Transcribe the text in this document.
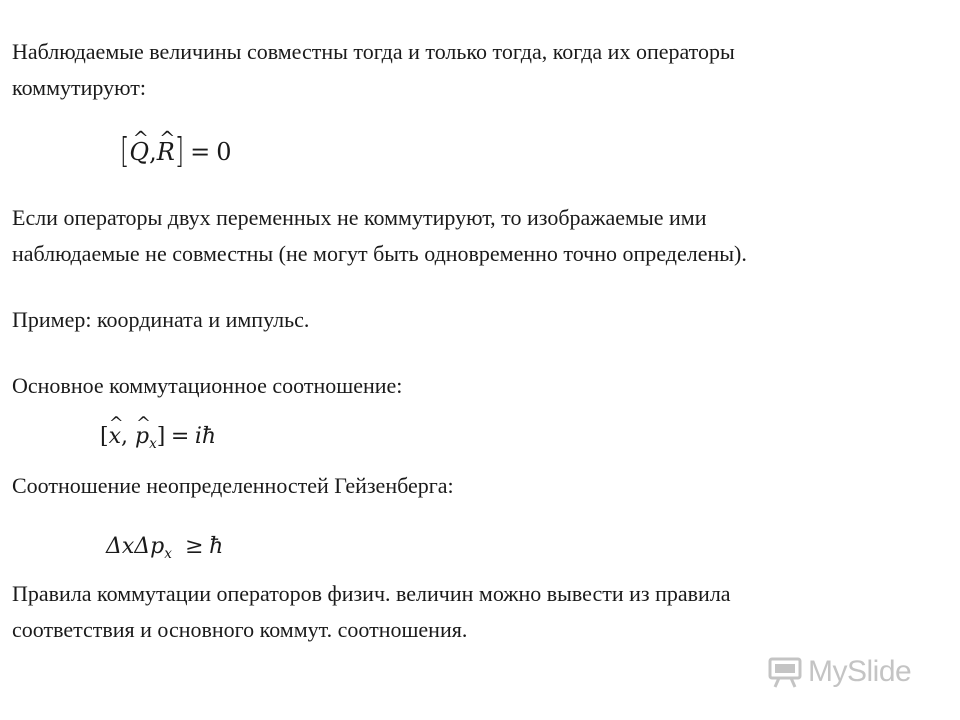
Наблюдаемые величины совместны тогда и только тогда, когда их операторы

коммутируют:

[^ Q,^ R] = 0

Если операторы двух переменных не коммутируют, то изображаемые ими

наблюдаемые не совместны (не могут быть одновременно точно определены).

Пример: координата и импульс.

Основное коммутационное соотношение:

[^ x, ^ $p_x$] = iħ

Соотношение неопределенностей Гейзенберга:

ΔxΔp$_x$ ≥ ħ

Правила коммутации операторов физич. величин можно вывести из правила

соответствия и основного коммут. соотношения.

MySlide
